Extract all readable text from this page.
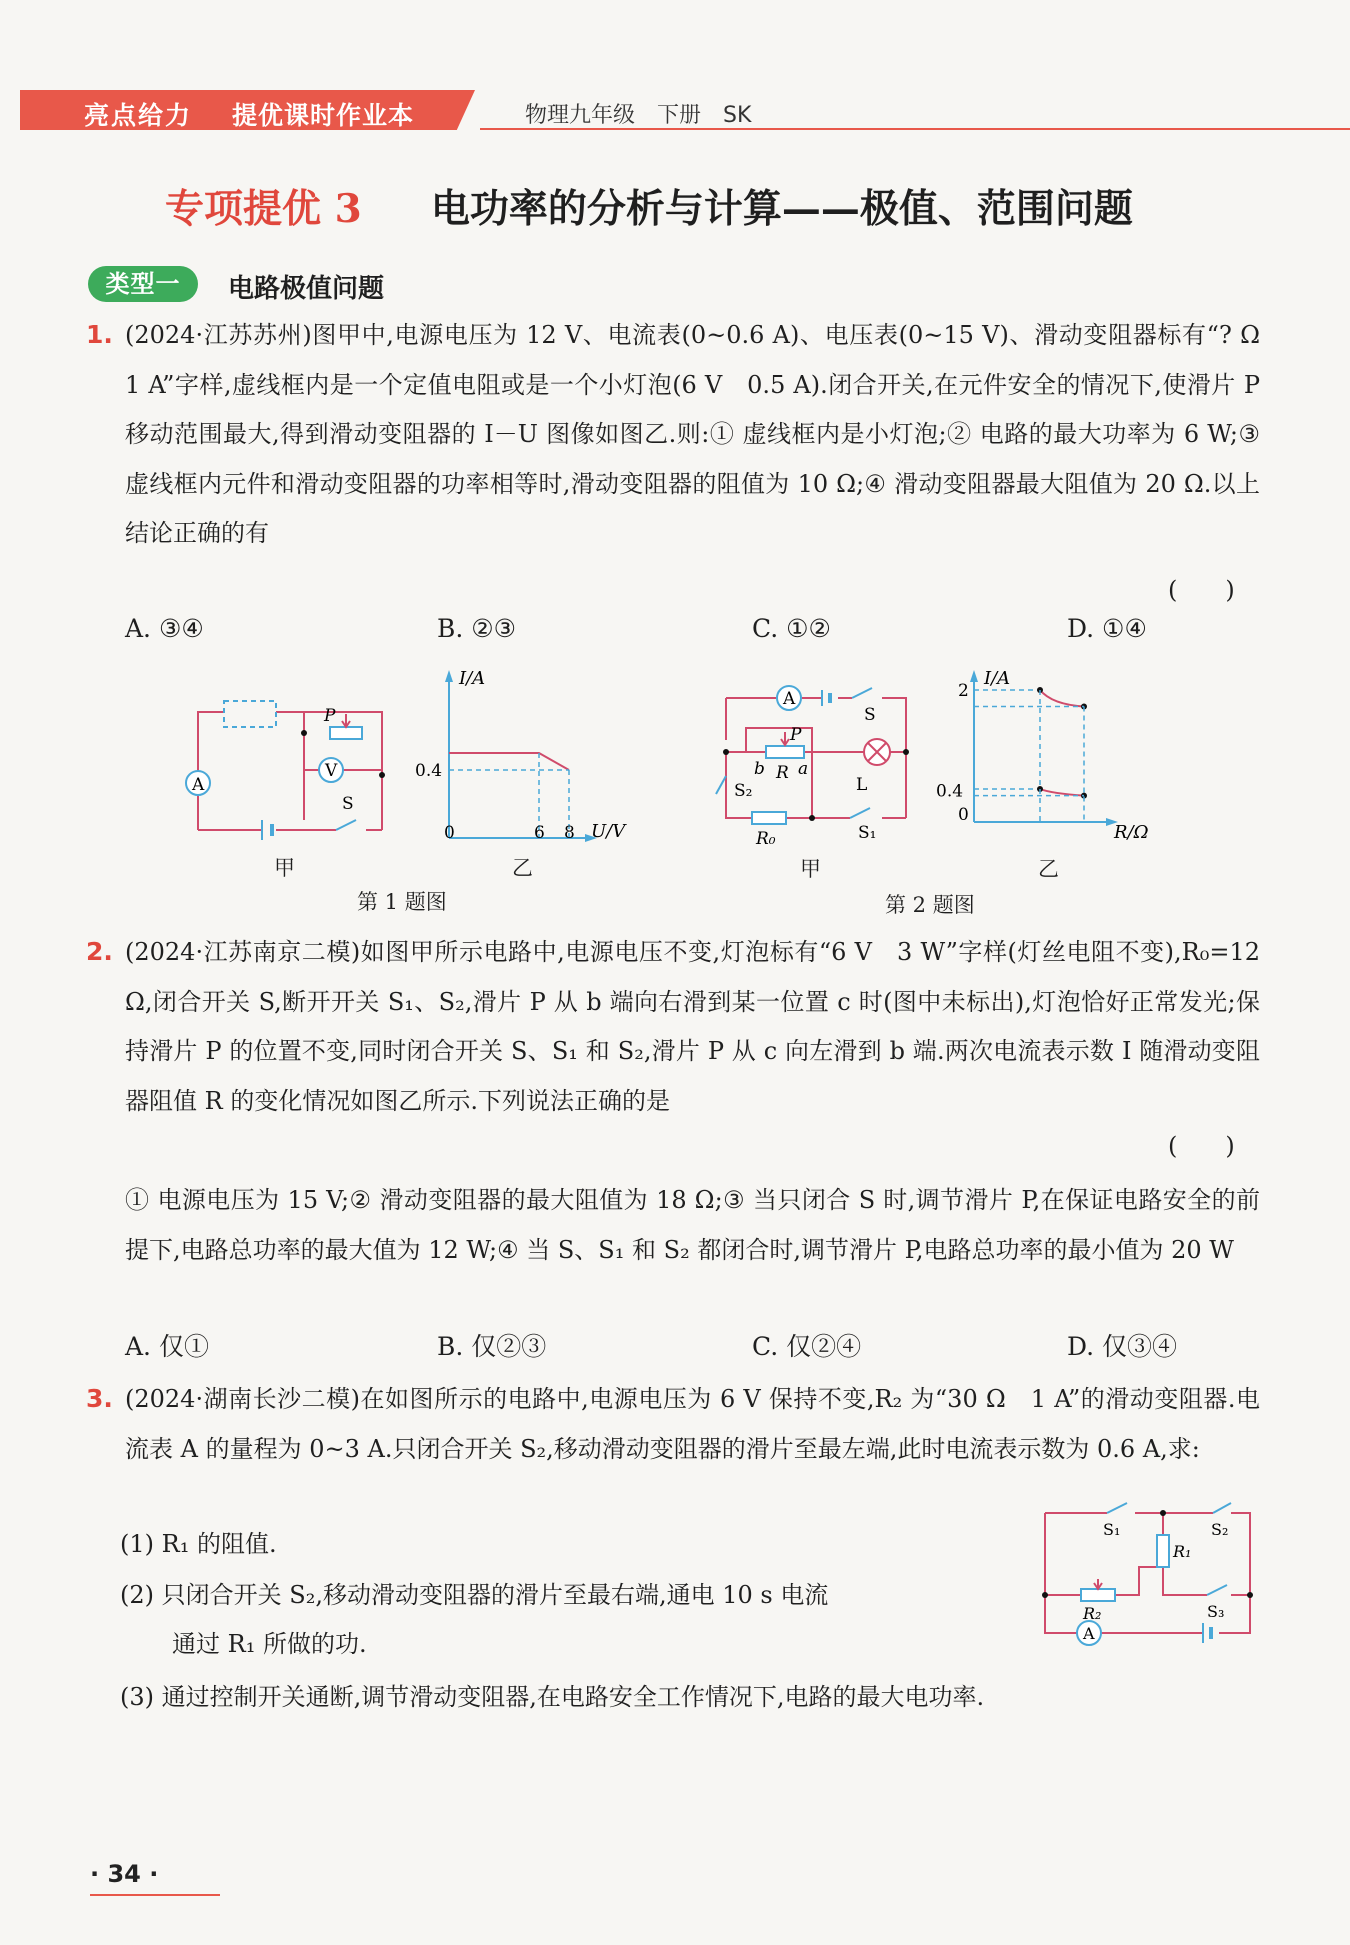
亮点给力 提优课时作业本	物理九年级　下册　SK
专项提优 3 电功率的分析与计算——极值、范围问题
类型一	电路极值问题
1. (2024·江苏苏州)图甲中,电源电压为 12 V、电流表(0~0.6 A)、电压表(0~15 V)、滑动变阻器标有“? Ω　1 A”字样,虚线框内是一个定值电阻或是一个小灯泡(6 V　0.5 A).闭合开关,在元件安全的情况下,使滑片 P 移动范围最大,得到滑动变阻器的 I－U 图像如图乙.则:① 虚线框内是小灯泡;② 电路的最大功率为 6 W;③ 虚线框内元件和滑动变阻器的功率相等时,滑动变阻器的阻值为 10 Ω;④ 滑动变阻器最大阻值为 20 Ω.以上结论正确的有
(　　)
A. ③④	B. ②③	C. ①②	D. ①④
A
V
P
S
甲
I/A
U/V
0	6 8
0.4
乙
第 1 题图
A
S
P
b R a
L
S₂
R₀	S₁
甲
I/A
R/Ω
0
0.4
2
乙
第 2 题图
2. (2024·江苏南京二模)如图甲所示电路中,电源电压不变,灯泡标有“6 V　3 W”字样(灯丝电阻不变),R₀=12 Ω,闭合开关 S,断开开关 S₁、S₂,滑片 P 从 b 端向右滑到某一位置 c 时(图中未标出),灯泡恰好正常发光;保持滑片 P 的位置不变,同时闭合开关 S、S₁ 和 S₂,滑片 P 从 c 向左滑到 b 端.两次电流表示数 I 随滑动变阻器阻值 R 的变化情况如图乙所示.下列说法正确的是
(　　)
① 电源电压为 15 V;② 滑动变阻器的最大阻值为 18 Ω;③ 当只闭合 S 时,调节滑片 P,在保证电路安全的前提下,电路总功率的最大值为 12 W;④ 当 S、S₁ 和 S₂ 都闭合时,调节滑片 P,电路总功率的最小值为 20 W
A. 仅①	B. 仅②③	C. 仅②④	D. 仅③④
3. (2024·湖南长沙二模)在如图所示的电路中,电源电压为 6 V 保持不变,R₂ 为“30 Ω　1 A”的滑动变阻器.电流表 A 的量程为 0~3 A.只闭合开关 S₂,移动滑动变阻器的滑片至最左端,此时电流表示数为 0.6 A,求:
(1) R₁ 的阻值.
(2) 只闭合开关 S₂,移动滑动变阻器的滑片至最右端,通电 10 s 电流
通过 R₁ 所做的功.
(3) 通过控制开关通断,调节滑动变阻器,在电路安全工作情况下,电路的最大电功率.
S₁	S₂
R₁
R₂	S₃
A
· 34 ·
